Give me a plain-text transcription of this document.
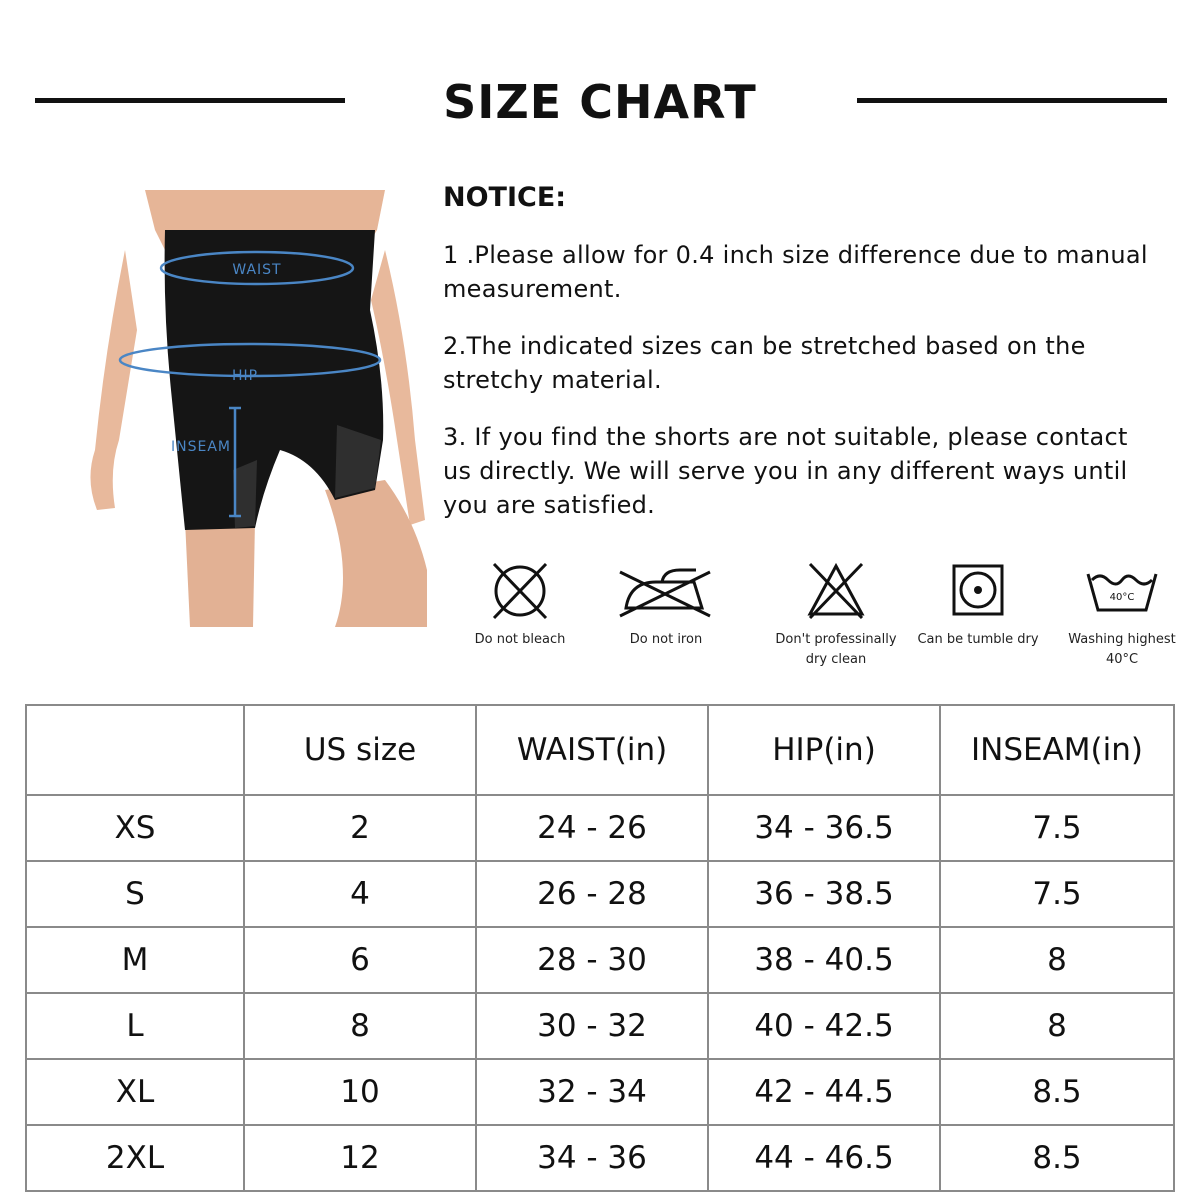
SIZE CHART
WAIST
HIP
INSEAM
NOTICE:
1 .Please allow for 0.4 inch size difference due to manual measurement.
2.The indicated sizes can be stretched based on the stretchy material.
3. If you find the shorts are not suitable, please contact us directly. We will serve you in any different ways until you are satisfied.
Do not bleach	Do not iron	Don't professinally dry clean
Can be tumble dry
40°C
Washing highest 40°C
	US size	WAIST(in)	HIP(in)	INSEAM(in)
XS	2	24 - 26	34 - 36.5	7.5
S	4	26 - 28	36 - 38.5	7.5
M	6	28 - 30	38 - 40.5	8
L	8	30 - 32	40 - 42.5	8
XL	10	32 - 34	42 - 44.5	8.5
2XL	12	34 - 36	44 - 46.5	8.5
